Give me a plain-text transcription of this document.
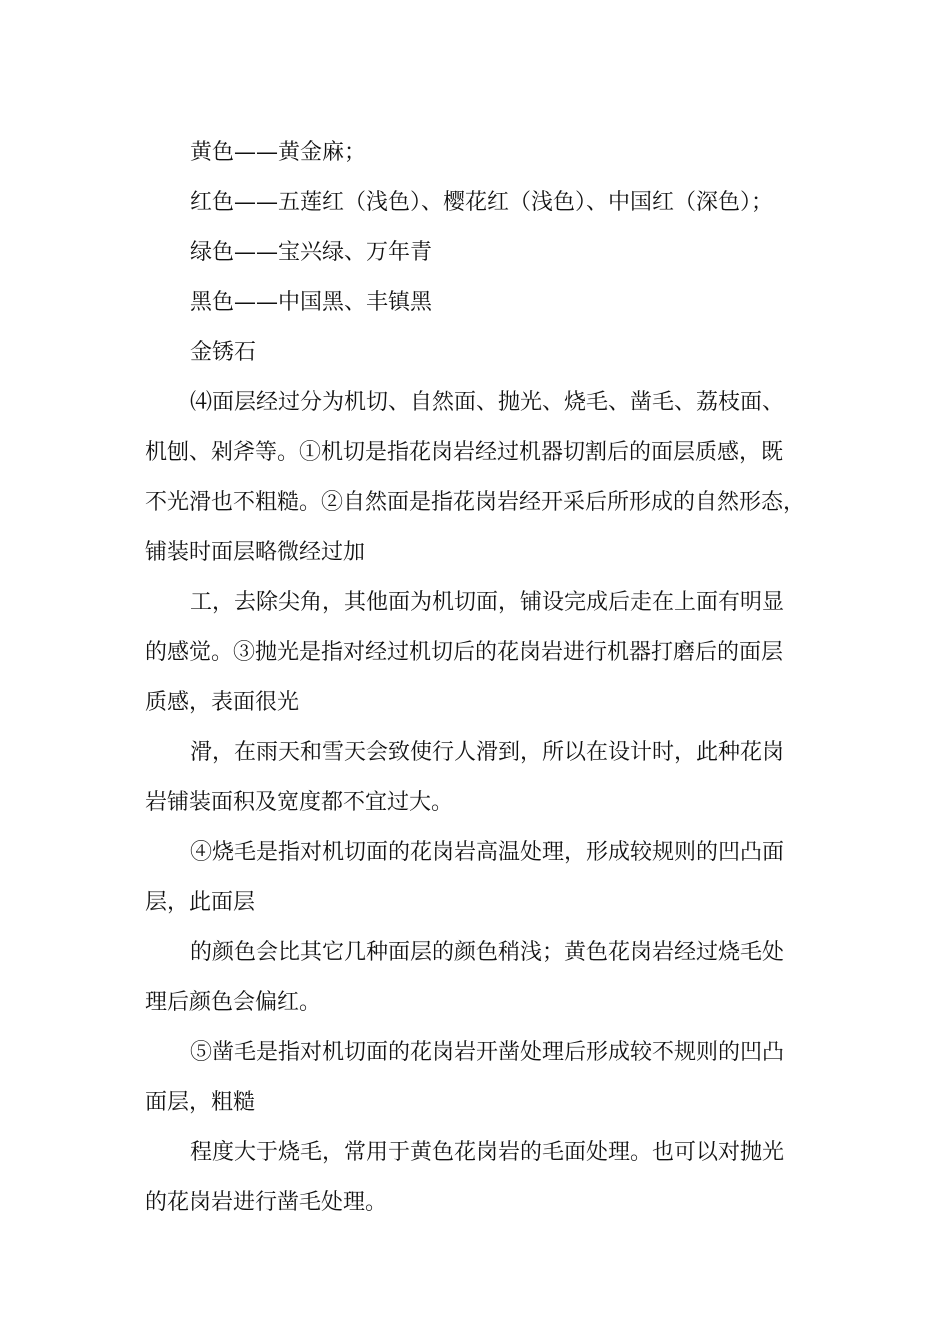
黄色——黄金麻；
红色——五莲红（浅色）、樱花红（浅色）、中国红（深色）；
绿色——宝兴绿、万年青
黑色——中国黑、丰镇黑
金锈石
⑷面层经过分为机切、自然面、抛光、烧毛、凿毛、荔枝面、
机刨、剁斧等。①机切是指花岗岩经过机器切割后的面层质感，既
不光滑也不粗糙。②自然面是指花岗岩经开采后所形成的自然形态，
铺装时面层略微经过加
工，去除尖角，其他面为机切面，铺设完成后走在上面有明显
的感觉。③抛光是指对经过机切后的花岗岩进行机器打磨后的面层
质感，表面很光
滑，在雨天和雪天会致使行人滑到，所以在设计时，此种花岗
岩铺装面积及宽度都不宜过大。
④烧毛是指对机切面的花岗岩高温处理，形成较规则的凹凸面
层，此面层
的颜色会比其它几种面层的颜色稍浅；黄色花岗岩经过烧毛处
理后颜色会偏红。
⑤凿毛是指对机切面的花岗岩开凿处理后形成较不规则的凹凸
面层，粗糙
程度大于烧毛，常用于黄色花岗岩的毛面处理。也可以对抛光
的花岗岩进行凿毛处理。
